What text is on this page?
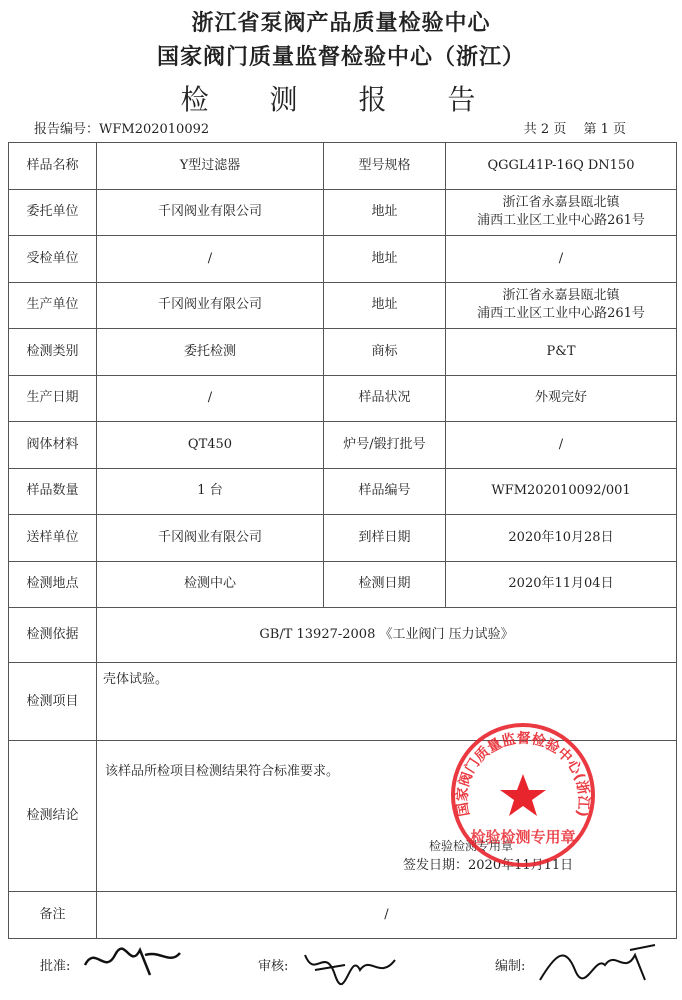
浙江省泵阀产品质量检验中心
国家阀门质量监督检验中心（浙江）
检 测 报 告
报告编号：WFM202010092	共 2 页　 第 1 页
样品名称	Y型过滤器	型号规格	QGGL41P-16Q DN150
委托单位	千冈阀业有限公司	地址	浙江省永嘉县瓯北镇
浦西工业区工业中心路261号
受检单位	/	地址	/
生产单位	千冈阀业有限公司	地址	浙江省永嘉县瓯北镇
浦西工业区工业中心路261号
检测类别	委托检测	商标	P&T
生产日期	/	样品状况	外观完好
阀体材料	QT450	炉号/锻打批号	/
样品数量	1 台	样品编号	WFM202010092/001
送样单位	千冈阀业有限公司	到样日期	2020年10月28日
检测地点	检测中心	检测日期	2020年11月04日
检测依据	GB/T 13927-2008 《工业阀门 压力试验》		
检测项目	壳体试验。		
检测结论	该样品所检项目检测结果符合标准要求。
检验检测专用章
签发日期：2020年11月11日		

备注	/		
国家阀门质量监督检验中心(浙江)
检验检测专用章
批准:	审核:	编制:
